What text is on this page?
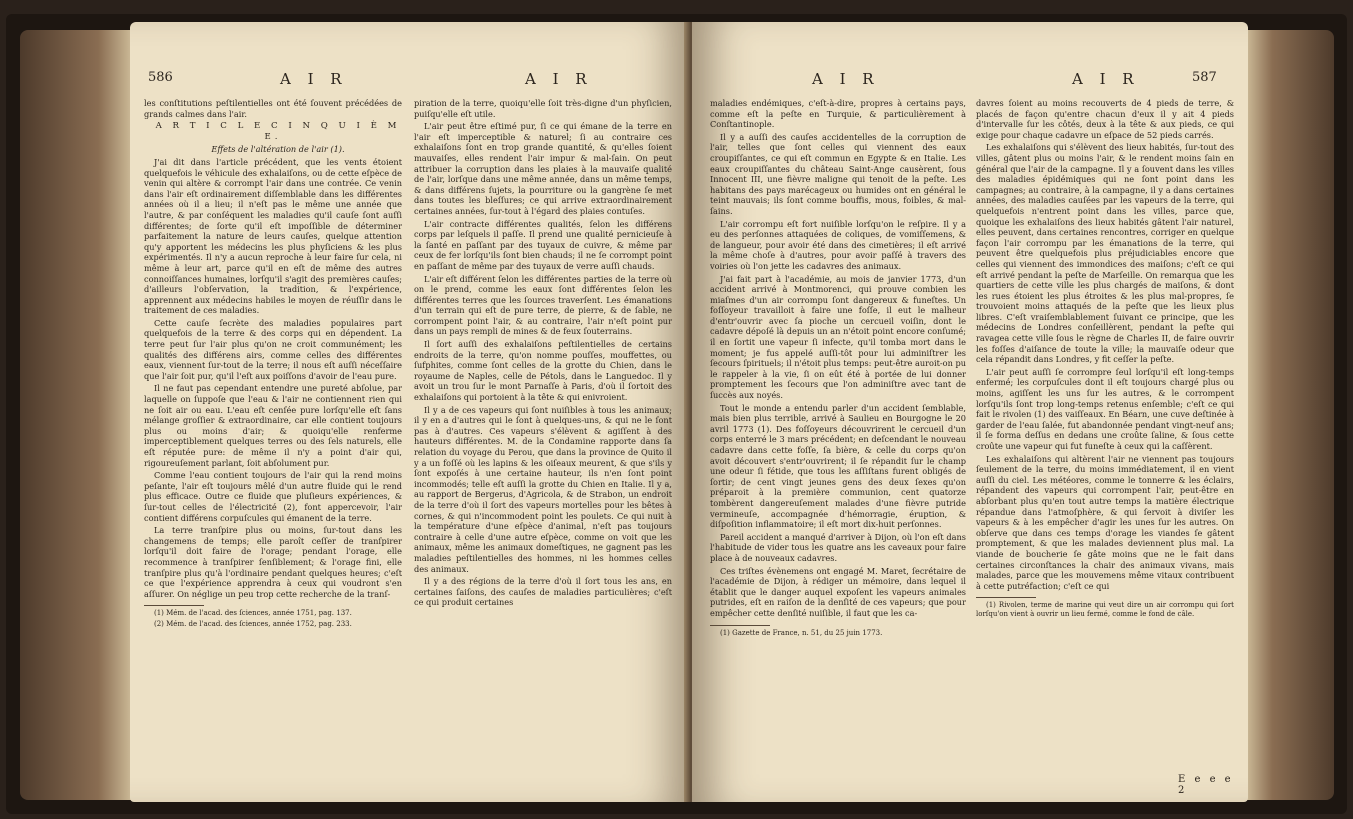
586	A I R	A I R

les conſtitutions peſtilentielles ont été ſouvent précédées de grands calmes dans l'air.

A R T I C L E C I N Q U I È M E.

Effets de l'altération de l'air (1).

J'ai dit dans l'article précédent, que les vents étoient quelquefois le véhicule des exhalaiſons, ou de cette eſpèce de venin qui altère & corrompt l'air dans une contrée. Ce venin dans l'air eſt ordinairement diſſemblable dans les différentes années où il a lieu; il n'eſt pas le même une année que l'autre, & par conſéquent les maladies qu'il cauſe ſont auſſi différentes; de ſorte qu'il eſt impoſſible de déterminer parfaitement la nature de leurs cauſes, quelque attention qu'y apportent les médecins les plus phyſiciens & les plus expérimentés. Il n'y a aucun reproche à leur faire ſur cela, ni même à leur art, parce qu'il en eſt de même des autres connoiſſances humaines, lorſqu'il s'agit des premières cauſes; d'ailleurs l'obſervation, la tradition, & l'expérience, apprennent aux médecins habiles le moyen de réuſſir dans le traitement de ces maladies.

Cette cauſe ſecrète des maladies populaires part quelquefois de la terre & des corps qui en dépendent. La terre peut ſur l'air plus qu'on ne croit communément; les qualités des différens airs, comme celles des différentes eaux, viennent ſur-tout de la terre; il nous eſt auſſi néceſſaire que l'air ſoit pur, qu'il l'eſt aux poiſſons d'avoir de l'eau pure.

Il ne faut pas cependant entendre une pureté abſolue, par laquelle on ſuppoſe que l'eau & l'air ne contiennent rien qui ne ſoit air ou eau. L'eau eſt cenſée pure lorſqu'elle eſt ſans mélange groſſier & extraordinaire, car elle contient toujours plus ou moins d'air; & quoiqu'elle renferme imperceptiblement quelques terres ou des ſels naturels, elle eſt réputée pure: de même il n'y a point d'air qui, rigoureuſement parlant, ſoit abſolument pur.

Comme l'eau contient toujours de l'air qui la rend moins peſante, l'air eſt toujours mêlé d'un autre fluide qui le rend plus efficace. Outre ce fluide que pluſieurs expériences, & ſur-tout celles de l'électricité (2), font appercevoir, l'air contient différens corpuſcules qui émanent de la terre.

La terre tranſpire plus ou moins, ſur-tout dans les changemens de temps; elle paroît ceſſer de tranſpirer lorſqu'il doit faire de l'orage; pendant l'orage, elle recommence à tranſpirer ſenſiblement; & l'orage fini, elle tranſpire plus qu'à l'ordinaire pendant quelques heures; c'eſt ce que l'expérience apprendra à ceux qui voudront s'en aſſurer. On néglige un peu trop cette recherche de la tranſ-

(1) Mém. de l'acad. des ſciences, année 1751, pag. 137.

(2) Mém. de l'acad. des ſciences, année 1752, pag. 233.

piration de la terre, quoiqu'elle ſoit très-digne d'un phyſicien, puiſqu'elle eſt utile.

L'air peut être eſtimé pur, ſi ce qui émane de la terre en l'air eſt imperceptible & naturel; ſi au contraire ces exhalaiſons ſont en trop grande quantité, & qu'elles ſoient mauvaiſes, elles rendent l'air impur & mal-ſain. On peut attribuer la corruption dans les plaies à la mauvaiſe qualité de l'air, lorſque dans une même année, dans un même temps, & dans différens ſujets, la pourriture ou la gangrène ſe met dans toutes les bleſſures; ce qui arrive extraordinairement certaines années, ſur-tout à l'égard des plaies contuſes.

L'air contracte différentes qualités, ſelon les différens corps par leſquels il paſſe. Il prend une qualité pernicieuſe à la ſanté en paſſant par des tuyaux de cuivre, & même par ceux de fer lorſqu'ils ſont bien chauds; il ne ſe corrompt point en paſſant de même par des tuyaux de verre auſſi chauds.

L'air eſt différent ſelon les différentes parties de la terre où on le prend, comme les eaux ſont différentes ſelon les différentes terres que les ſources traverſent. Les émanations d'un terrain qui eſt de pure terre, de pierre, & de ſable, ne corrompent point l'air, & au contraire, l'air n'eſt point pur dans un pays rempli de mines & de feux ſouterrains.

Il ſort auſſi des exhalaiſons peſtilentielles de certains endroits de la terre, qu'on nomme pouſſes, mouffettes, ou ſufphites, comme ſont celles de la grotte du Chien, dans le royaume de Naples, celle de Pétols, dans le Languedoc. Il y avoit un trou ſur le mont Parnaſſe à Paris, d'où il ſortoit des exhalaiſons qui portoient à la tête & qui enivroient.

Il y a de ces vapeurs qui ſont nuiſibles à tous les animaux; il y en a d'autres qui le ſont à quelques-uns, & qui ne le ſont pas à d'autres. Ces vapeurs s'élèvent & agiſſent à des hauteurs différentes. M. de la Condamine rapporte dans ſa relation du voyage du Perou, que dans la province de Quito il y a un foſſé où les lapins & les oiſeaux meurent, & que s'ils y ſont expoſés à une certaine hauteur, ils n'en ſont point incommodés; telle eſt auſſi la grotte du Chien en Italie. Il y a, au rapport de Bergerus, d'Agricola, & de Strabon, un endroit de la terre d'où il ſort des vapeurs mortelles pour les bêtes à cornes, & qui n'incommodent point les poulets. Ce qui nuit à la température d'une eſpèce d'animal, n'eſt pas toujours contraire à celle d'une autre eſpèce, comme on voit que les animaux, même les animaux domeſtiques, ne gagnent pas les maladies peſtilentielles des hommes, ni les hommes celles des animaux.

Il y a des régions de la terre d'où il ſort tous les ans, en certaines ſaiſons, des cauſes de maladies particulières; c'eſt ce qui produit certaines

A I R	A I R	587

maladies endémiques, c'eſt-à-dire, propres à certains pays, comme eſt la peſte en Turquie, & particulièrement à Conſtantinople.

Il y a auſſi des cauſes accidentelles de la corruption de l'air, telles que ſont celles qui viennent des eaux croupiſſantes, ce qui eſt commun en Egypte & en Italie. Les eaux croupiſſantes du château Saint-Ange causèrent, ſous Innocent III, une fièvre maligne qui tenoit de la peſte. Les habitans des pays marécageux ou humides ont en général le teint mauvais; ils ſont comme bouffis, mous, foibles, & mal-ſains.

L'air corrompu eſt fort nuiſible lorſqu'on le reſpire. Il y a eu des perſonnes attaquées de coliques, de vomiſſemens, & de langueur, pour avoir été dans des cimetières; il eſt arrivé la même choſe à d'autres, pour avoir paſſé à travers des voiries où l'on jette les cadavres des animaux.

J'ai fait part à l'académie, au mois de janvier 1773, d'un accident arrivé à Montmorenci, qui prouve combien les miaſmes d'un air corrompu ſont dangereux & funeſtes. Un foſſoyeur travailloit à faire une foſſe, il eut le malheur d'entr'ouvrir avec ſa pioche un cercueil voiſin, dont le cadavre dépoſé là depuis un an n'étoit point encore conſumé; il en ſortit une vapeur ſi infecte, qu'il tomba mort dans le moment; je fus appelé auſſi-tôt pour lui adminiſtrer les ſecours ſpirituels; il n'étoit plus temps: peut-être auroit-on pu le rappeler à la vie, ſi on eût été à portée de lui donner promptement les ſecours que l'on adminiſtre avec tant de ſuccès aux noyés.

Tout le monde a entendu parler d'un accident ſemblable, mais bien plus terrible, arrivé à Saulieu en Bourgogne le 20 avril 1773 (1). Des foſſoyeurs découvrirent le cercueil d'un corps enterré le 3 mars précédent; en deſcendant le nouveau cadavre dans cette foſſe, ſa bière, & celle du corps qu'on avoit découvert s'entr'ouvrirent; il ſe répandit ſur le champ une odeur ſi fétide, que tous les aſſiſtans furent obligés de ſortir; de cent vingt jeunes gens des deux ſexes qu'on préparoit à la première communion, cent quatorze tombèrent dangereuſement malades d'une fièvre putride vermineuſe, accompagnée d'hémorragie, éruption, & diſpoſition inflammatoire; il eſt mort dix-huit perſonnes.

Pareil accident a manqué d'arriver à Dijon, où l'on eſt dans l'habitude de vider tous les quatre ans les caveaux pour faire place à de nouveaux cadavres.

Ces triſtes évènemens ont engagé M. Maret, ſecrétaire de l'académie de Dijon, à rédiger un mémoire, dans lequel il établit que le danger auquel expoſent les vapeurs animales putrides, eſt en raiſon de la denſité de ces vapeurs; que pour empêcher cette denſité nuiſible, il faut que les ca-

(1) Gazette de France, n. 51, du 25 juin 1773.

davres ſoient au moins recouverts de 4 pieds de terre, & placés de façon qu'entre chacun d'eux il y ait 4 pieds d'intervalle ſur les côtés, deux à la tête & aux pieds, ce qui exige pour chaque cadavre un eſpace de 52 pieds carrés.

Les exhalaiſons qui s'élèvent des lieux habités, ſur-tout des villes, gâtent plus ou moins l'air, & le rendent moins ſain en général que l'air de la campagne. Il y a ſouvent dans les villes des maladies épidémiques qui ne ſont point dans les campagnes; au contraire, à la campagne, il y a dans certaines années, des maladies cauſées par les vapeurs de la terre, qui quelquefois n'entrent point dans les villes, parce que, quoique les exhalaiſons des lieux habités gâtent l'air naturel, elles peuvent, dans certaines rencontres, corriger en quelque façon l'air corrompu par les émanations de la terre, qui peuvent être quelquefois plus préjudiciables encore que celles qui viennent des immondices des maiſons; c'eſt ce qui eſt arrivé pendant la peſte de Marſeille. On remarqua que les quartiers de cette ville les plus chargés de maiſons, & dont les rues étoient les plus étroites & les plus mal-propres, ſe trouvoient moins attaqués de la peſte que les lieux plus libres. C'eſt vraiſemblablement ſuivant ce principe, que les médecins de Londres conſeillèrent, pendant la peſte qui ravagea cette ville ſous le règne de Charles II, de faire ouvrir les foſſes d'aiſance de toute la ville; la mauvaiſe odeur que cela répandit dans Londres, y fit ceſſer la peſte.

L'air peut auſſi ſe corrompre ſeul lorſqu'il eſt long-temps enfermé; les corpuſcules dont il eſt toujours chargé plus ou moins, agiſſent les uns ſur les autres, & le corrompent lorſqu'ils ſont trop long-temps retenus enſemble; c'eſt ce qui fait le rivolen (1) des vaiſſeaux. En Béarn, une cuve deſtinée à garder de l'eau ſalée, fut abandonnée pendant vingt-neuf ans; il ſe forma deſſus en dedans une croûte ſaline, & ſous cette croûte une vapeur qui fut funeſte à ceux qui la caſſèrent.

Les exhalaiſons qui altèrent l'air ne viennent pas toujours ſeulement de la terre, du moins immédiatement, il en vient auſſi du ciel. Les météores, comme le tonnerre & les éclairs, répandent des vapeurs qui corrompent l'air, peut-être en abſorbant plus qu'en tout autre temps la matière électrique répandue dans l'atmoſphère, & qui ſervoit à diviſer les vapeurs & à les empêcher d'agir les unes ſur les autres. On obſerve que dans ces temps d'orage les viandes ſe gâtent promptement, & que les malades deviennent plus mal. La viande de boucherie ſe gâte moins que ne le fait dans certaines circonſtances la chair des animaux vivans, mais malades, parce que les mouvemens même vitaux contribuent à cette putréfaction; c'eſt ce qui

(1) Rivolen, terme de marine qui veut dire un air corrompu qui ſort lorſqu'on vient à ouvrir un lieu fermé, comme le fond de câle.

E e e e 2
